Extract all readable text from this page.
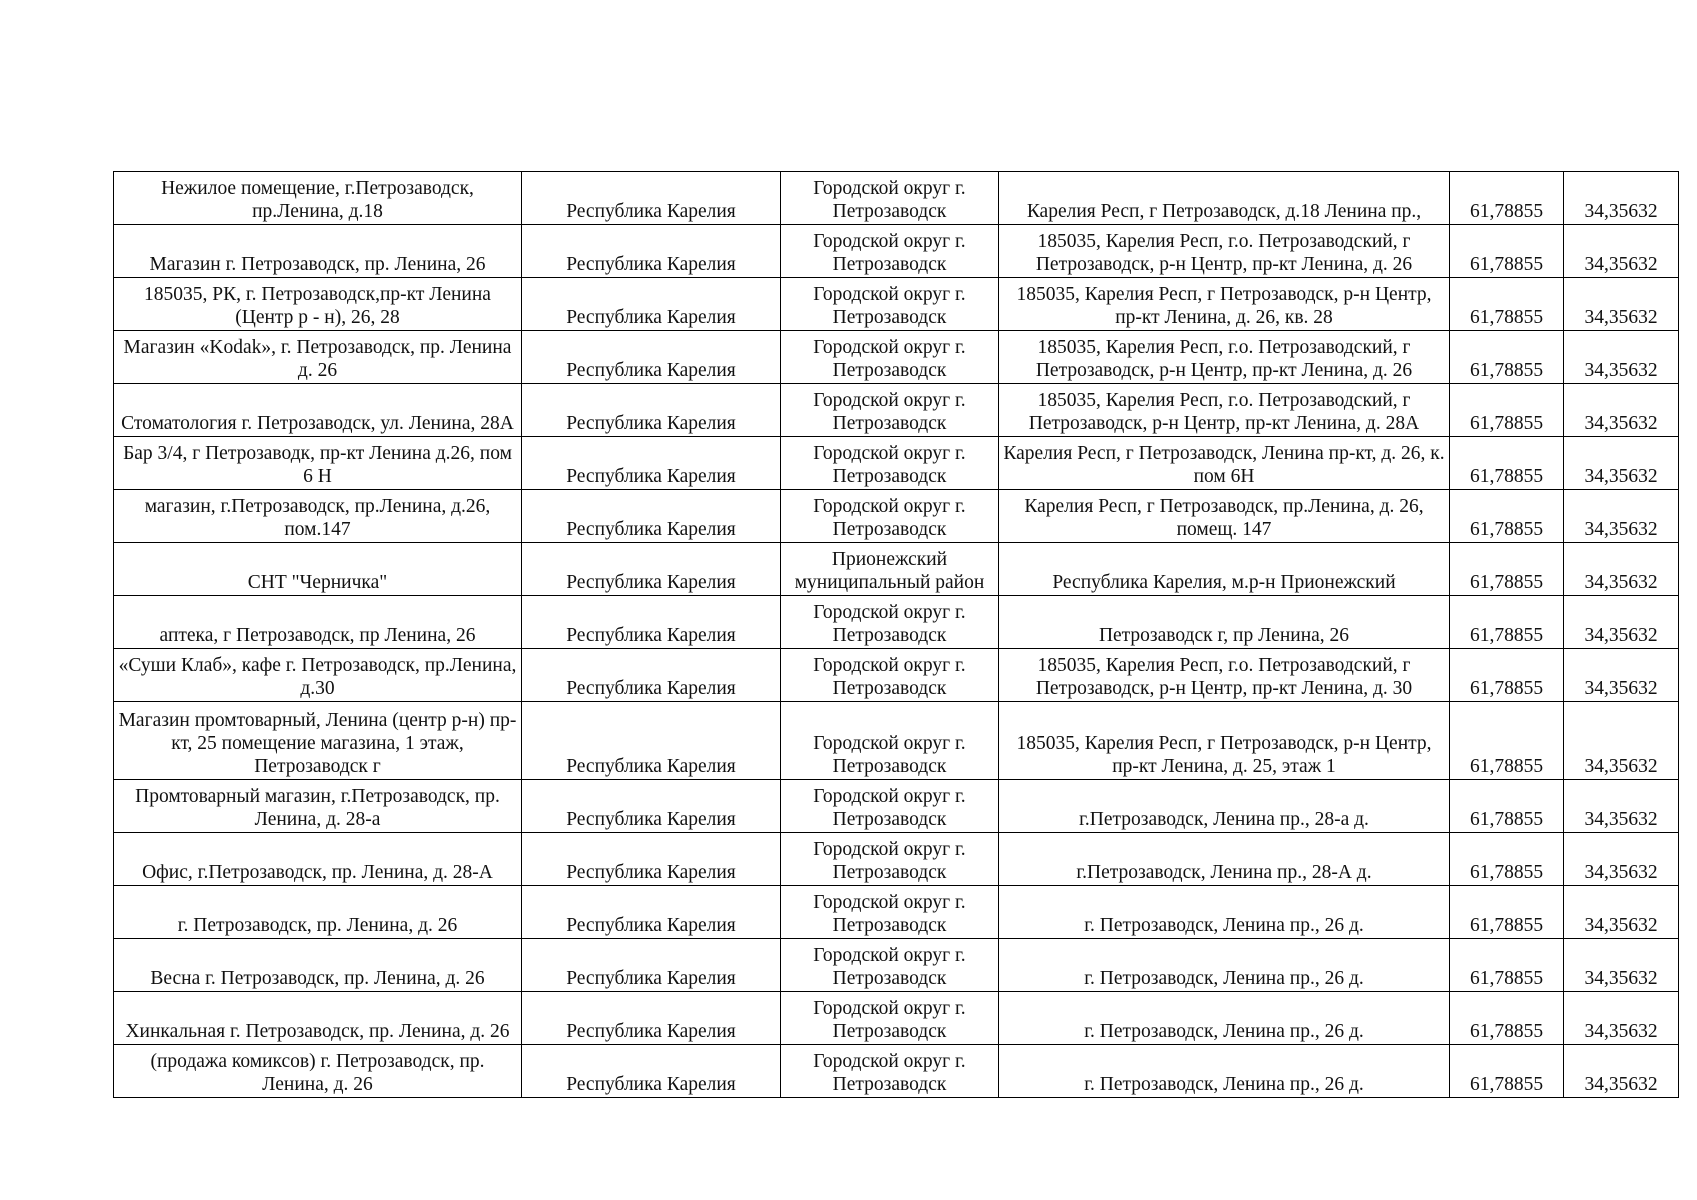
Нежилое помещение, г.Петрозаводск, пр.Ленина, д.18	Республика Карелия	Городской округ г. Петрозаводск	Карелия Респ, г Петрозаводск, д.18 Ленина пр.,	61,78855	34,35632
Магазин г. Петрозаводск, пр. Ленина, 26	Республика Карелия	Городской округ г. Петрозаводск	185035, Карелия Респ, г.о. Петрозаводский, г Петрозаводск, р-н Центр, пр-кт Ленина, д. 26	61,78855	34,35632
185035, РК, г. Петрозаводск,пр-кт Ленина (Центр р - н), 26, 28	Республика Карелия	Городской округ г. Петрозаводск	185035, Карелия Респ, г Петрозаводск, р-н Центр, пр-кт Ленина, д. 26, кв. 28	61,78855	34,35632
Магазин «Kodak», г. Петрозаводск, пр. Ленина д. 26	Республика Карелия	Городской округ г. Петрозаводск	185035, Карелия Респ, г.о. Петрозаводский, г Петрозаводск, р-н Центр, пр-кт Ленина, д. 26	61,78855	34,35632
Стоматология г. Петрозаводск, ул. Ленина, 28А	Республика Карелия	Городской округ г. Петрозаводск	185035, Карелия Респ, г.о. Петрозаводский, г Петрозаводск, р-н Центр, пр-кт Ленина, д. 28А	61,78855	34,35632
Бар 3/4, г Петрозаводк, пр-кт Ленина д.26, пом 6 Н	Республика Карелия	Городской округ г. Петрозаводск	Карелия Респ, г Петрозаводск, Ленина пр-кт, д. 26, к. пом 6Н	61,78855	34,35632
магазин, г.Петрозаводск, пр.Ленина, д.26, пом.147	Республика Карелия	Городской округ г. Петрозаводск	Карелия Респ, г Петрозаводск, пр.Ленина, д. 26, помещ. 147	61,78855	34,35632
СНТ "Черничка"	Республика Карелия	Прионежский муниципальный район	Республика Карелия, м.р-н Прионежский	61,78855	34,35632
аптека, г Петрозаводск, пр Ленина, 26	Республика Карелия	Городской округ г. Петрозаводск	Петрозаводск г, пр Ленина, 26	61,78855	34,35632
«Суши Клаб», кафе г. Петрозаводск, пр.Ленина, д.30	Республика Карелия	Городской округ г. Петрозаводск	185035, Карелия Респ, г.о. Петрозаводский, г Петрозаводск, р-н Центр, пр-кт Ленина, д. 30	61,78855	34,35632
Магазин промтоварный, Ленина (центр р-н) пр-кт, 25 помещение магазина, 1 этаж, Петрозаводск г	Республика Карелия	Городской округ г. Петрозаводск	185035, Карелия Респ, г Петрозаводск, р-н Центр, пр-кт Ленина, д. 25, этаж 1	61,78855	34,35632
Промтоварный магазин, г.Петрозаводск, пр. Ленина, д. 28-а	Республика Карелия	Городской округ г. Петрозаводск	г.Петрозаводск, Ленина пр., 28-а д.	61,78855	34,35632
Офис, г.Петрозаводск, пр. Ленина, д. 28-А	Республика Карелия	Городской округ г. Петрозаводск	г.Петрозаводск, Ленина пр., 28-А д.	61,78855	34,35632
г. Петрозаводск, пр. Ленина, д. 26	Республика Карелия	Городской округ г. Петрозаводск	г. Петрозаводск, Ленина пр., 26 д.	61,78855	34,35632
Весна г. Петрозаводск, пр. Ленина, д. 26	Республика Карелия	Городской округ г. Петрозаводск	г. Петрозаводск, Ленина пр., 26 д.	61,78855	34,35632
Хинкальная г. Петрозаводск, пр. Ленина, д. 26	Республика Карелия	Городской округ г. Петрозаводск	г. Петрозаводск, Ленина пр., 26 д.	61,78855	34,35632
(продажа комиксов) г. Петрозаводск, пр. Ленина, д. 26	Республика Карелия	Городской округ г. Петрозаводск	г. Петрозаводск, Ленина пр., 26 д.	61,78855	34,35632
